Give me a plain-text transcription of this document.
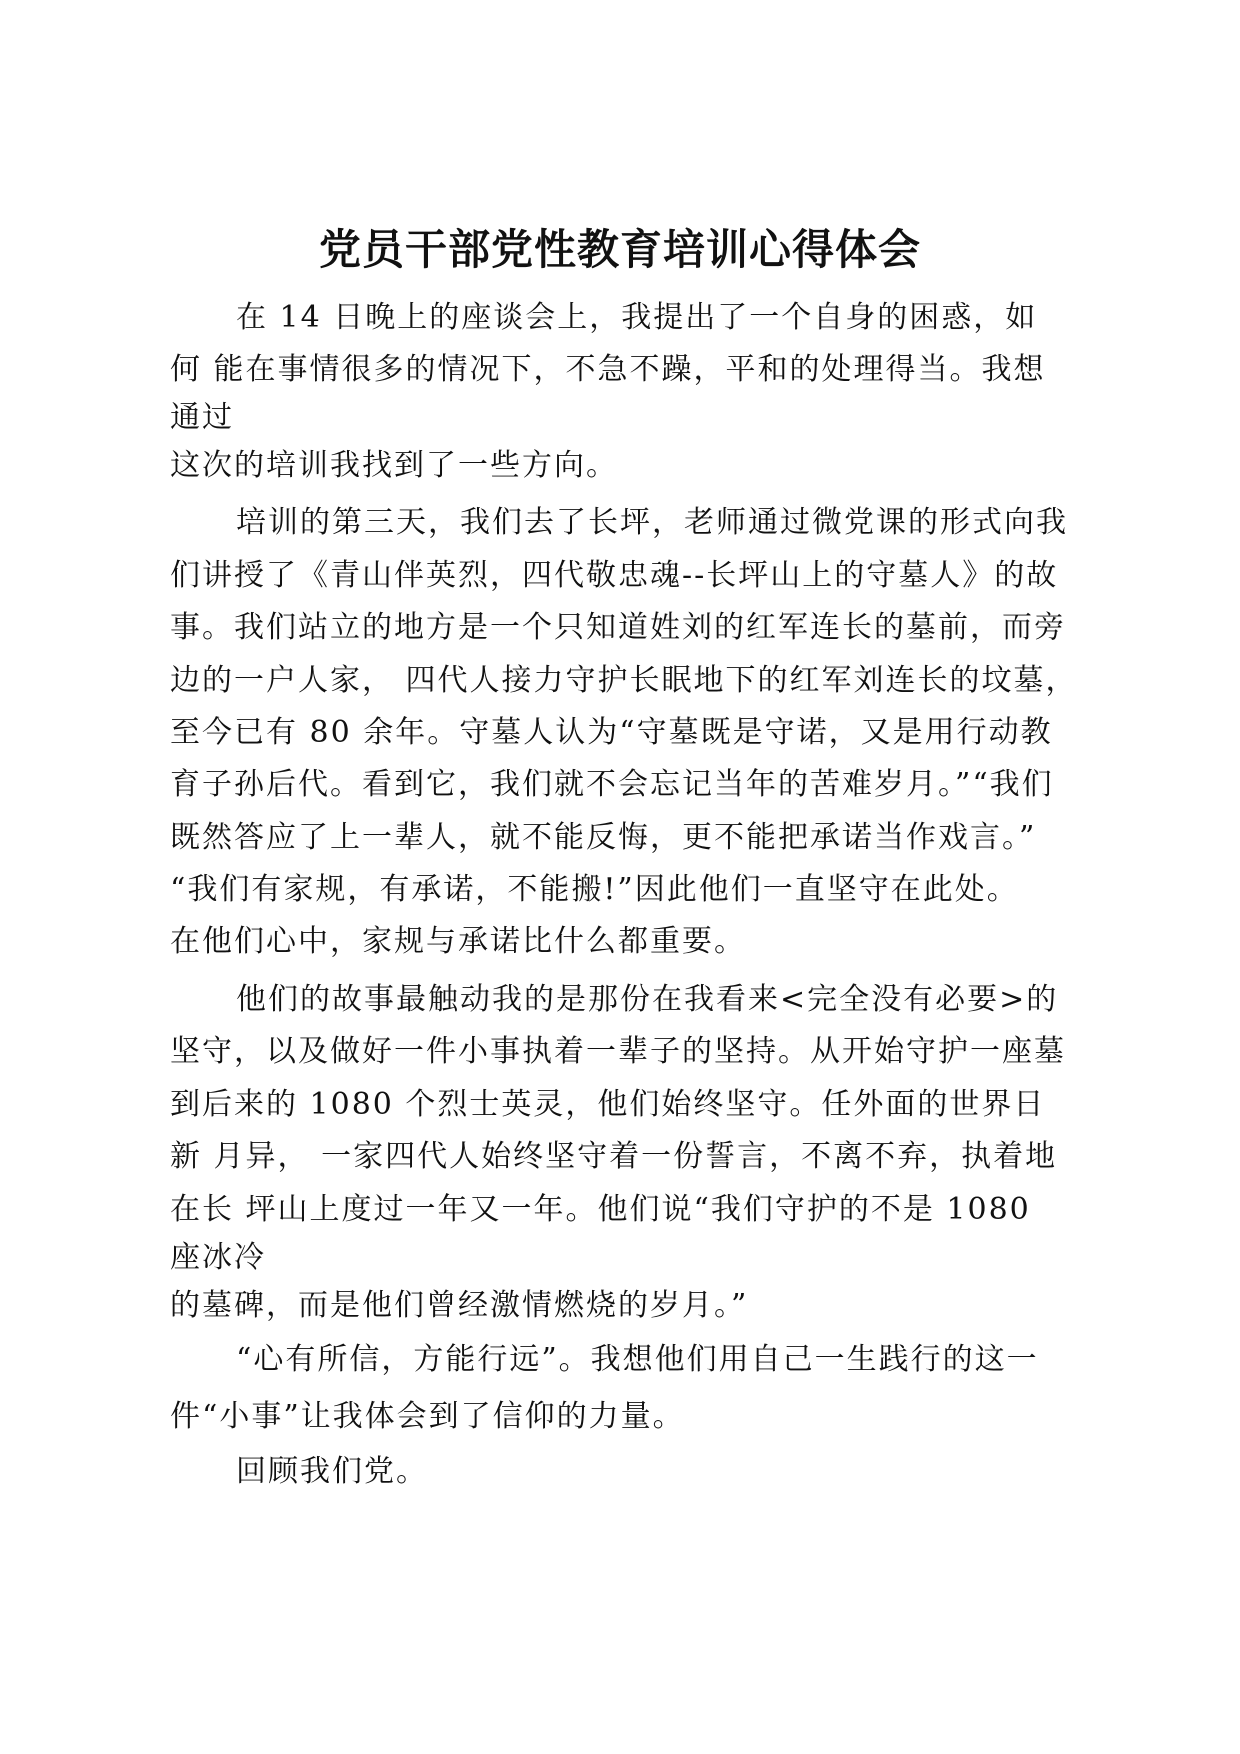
党员干部党性教育培训心得体会
在 14 日晚上的座谈会上，我提出了一个自身的困惑，如
何 能在事情很多的情况下，不急不躁，平和的处理得当。我想
通过
这次的培训我找到了一些方向。
培训的第三天，我们去了长坪，老师通过微党课的形式向我
们讲授了《青山伴英烈，四代敬忠魂--长坪山上的守墓人》的故
事。我们站立的地方是一个只知道姓刘的红军连长的墓前，而旁
边的一户人家， 四代人接力守护长眠地下的红军刘连长的坟墓，
至今已有 80 余年。守墓人认为“守墓既是守诺，又是用行动教
育子孙后代。看到它，我们就不会忘记当年的苦难岁月。”“我们
既然答应了上一辈人，就不能反悔，更不能把承诺当作戏言。”
“我们有家规，有承诺，不能搬!”因此他们一直坚守在此处。
在他们心中，家规与承诺比什么都重要。
他们的故事最触动我的是那份在我看来<完全没有必要>的
坚守，以及做好一件小事执着一辈子的坚持。从开始守护一座墓
到后来的 1080 个烈士英灵，他们始终坚守。任外面的世界日
新 月异， 一家四代人始终坚守着一份誓言，不离不弃，执着地
在长 坪山上度过一年又一年。他们说“我们守护的不是 1080
座冰冷
的墓碑，而是他们曾经激情燃烧的岁月。”
“心有所信，方能行远”。我想他们用自己一生践行的这一
件“小事”让我体会到了信仰的力量。
回顾我们党。
